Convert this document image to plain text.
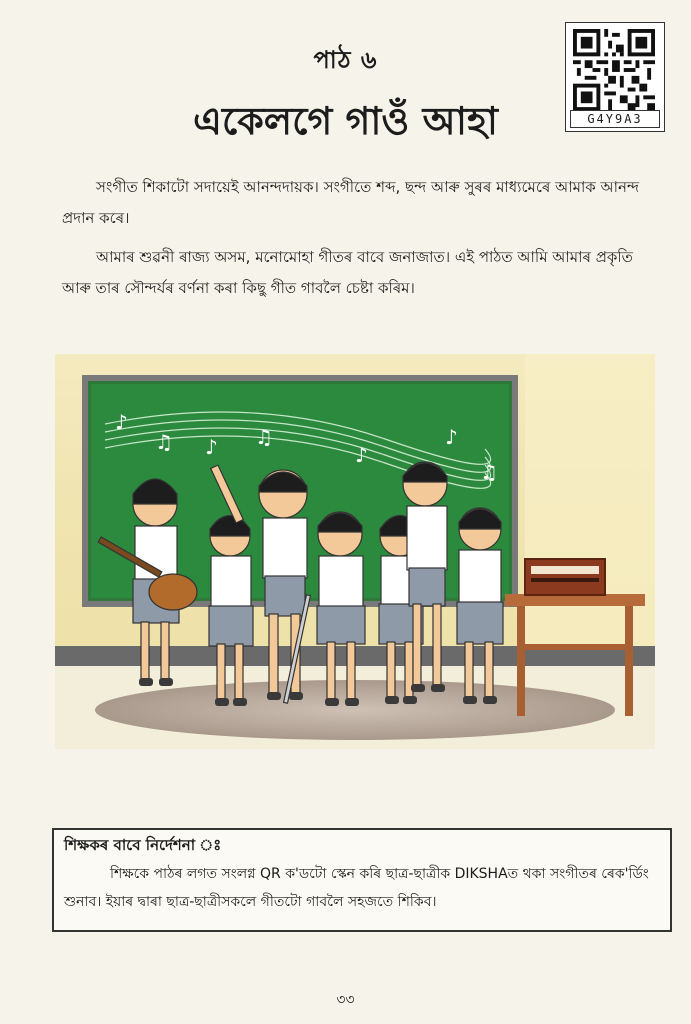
পাঠ ৬
একেলগে গাওঁ আহা	G4Y9A3
সংগীত শিকাটো সদায়েই আনন্দদায়ক। সংগীতে শব্দ, ছন্দ আৰু সুৰৰ মাধ্যমেৰে আমাক আনন্দ প্ৰদান কৰে।
আমাৰ শুৱনী ৰাজ্য অসম, মনোমোহা গীতৰ বাবে জনাজাত। এই পাঠত আমি আমাৰ প্ৰকৃতি আৰু তাৰ সৌন্দৰ্যৰ বৰ্ণনা কৰা কিছু গীত গাবলৈ চেষ্টা কৰিম।
♪
♫ ♪ ♫
♪
♪
♫
শিক্ষকৰ বাবে নিৰ্দেশনা ঃ
শিক্ষকে পাঠৰ লগত সংলগ্ন QR ক'ডটো স্কেন কৰি ছাত্ৰ-ছাত্ৰীক DIKSHAত থকা সংগীতৰ ৰেক'ৰ্ডিং শুনাব। ইয়াৰ দ্বাৰা ছাত্ৰ-ছাত্ৰীসকলে গীতটো গাবলৈ সহজতে শিকিব।
৩৩
